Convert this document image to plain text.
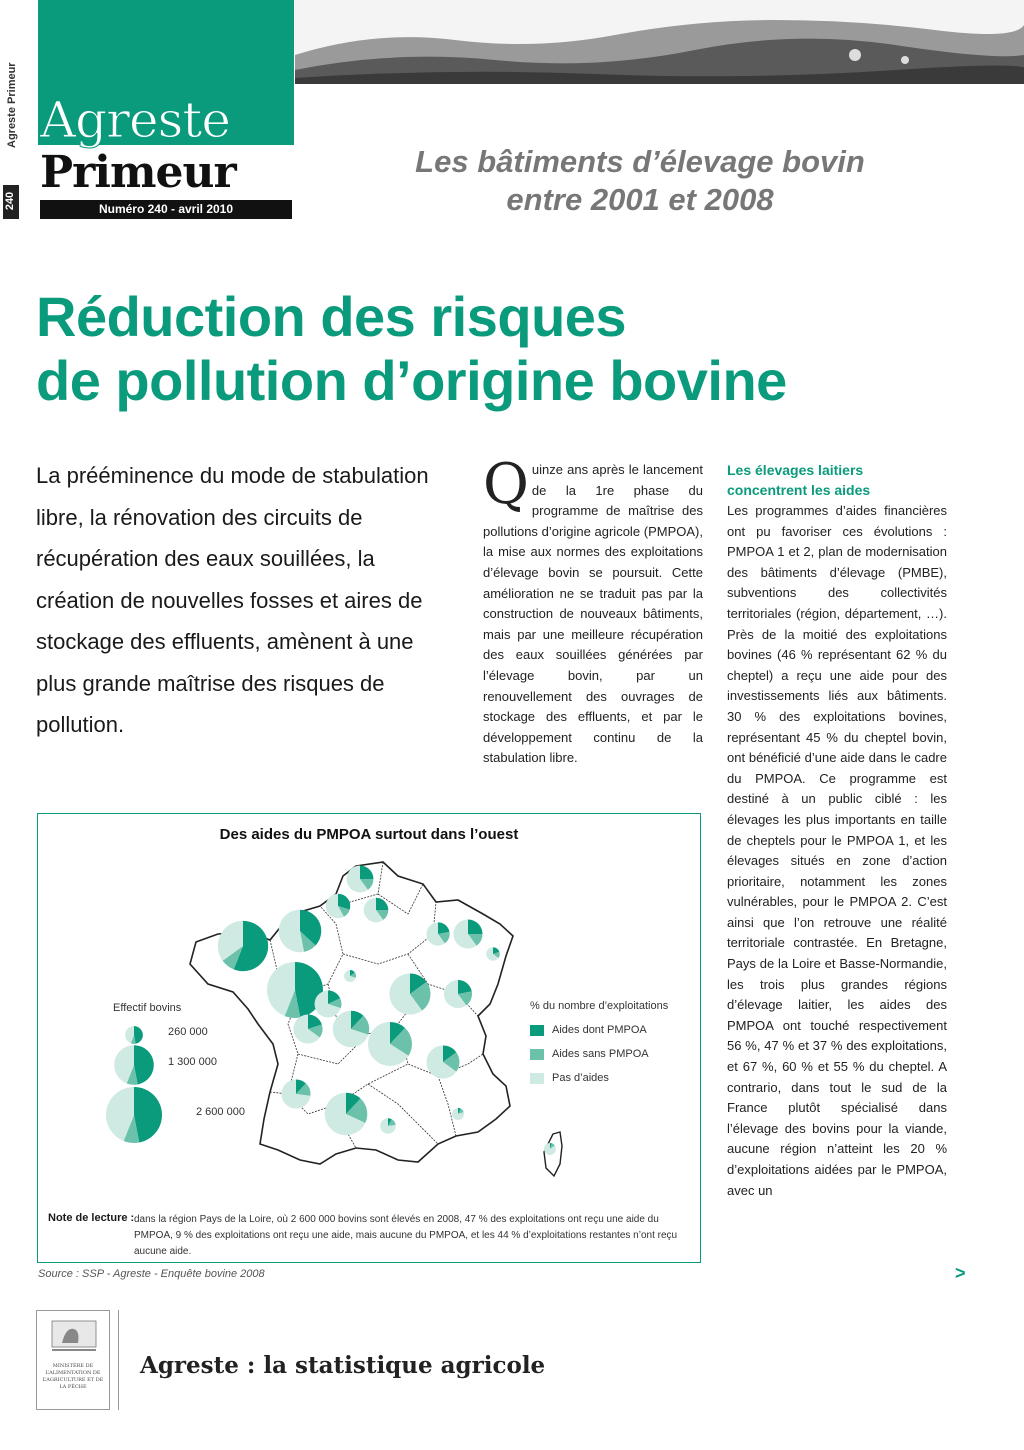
Agreste Primeur
240
Agreste
Primeur
Numéro 240 - avril 2010
Les bâtiments d’élevage bovin
entre 2001 et 2008
Réduction des risques
de pollution d’origine bovine
La prééminence du mode de stabulation libre, la rénovation des circuits de récupération des eaux souillées, la création de nouvelles fosses et aires de stockage des effluents, amènent à une plus grande maîtrise des risques de pollution.
Quinze ans après le lancement de la 1re phase du programme de maîtrise des pollutions d’origine agricole (PMPOA), la mise aux normes des exploitations d’élevage bovin se poursuit. Cette amélioration ne se traduit pas par la construction de nouveaux bâtiments, mais par une meilleure récupération des eaux souillées générées par l’élevage bovin, par un renouvellement des ouvrages de stockage des effluents, et par le développement continu de la stabulation libre.
Les élevages laitiers concentrent les aides
Les programmes d’aides financières ont pu favoriser ces évolutions : PMPOA 1 et 2, plan de modernisation des bâtiments d’élevage (PMBE), subventions des collectivités territoriales (région, département, …). Près de la moitié des exploitations bovines (46 % représentant 62 % du cheptel) a reçu une aide pour des investissements liés aux bâtiments. 30 % des exploitations bovines, représentant 45 % du cheptel bovin, ont bénéficié d’une aide dans le cadre du PMPOA. Ce programme est destiné à un public ciblé : les élevages les plus importants en taille de cheptels pour le PMPOA 1, et les élevages situés en zone d’action prioritaire, notamment les zones vulnérables, pour le PMPOA 2. C’est ainsi que l’on retrouve une réalité territoriale contrastée. En Bretagne, Pays de la Loire et Basse-Normandie, les trois plus grandes régions d’élevage laitier, les aides des PMPOA ont touché respectivement 56 %, 47 % et 37 % des exploitations, et 67 %, 60 % et 55 % du cheptel. A contrario, dans tout le sud de la France plutôt spécialisé dans l’élevage des bovins pour la viande, aucune région n’atteint les 20 % d’exploitations aidées par le PMPOA, avec un
>
Des aides du PMPOA surtout dans l’ouest
Effectif bovins
260 000
1 300 000
2 600 000
% du nombre d’exploitations
Aides dont PMPOA
Aides sans PMPOA
Pas d’aides
Note de lecture : dans la région Pays de la Loire, où 2 600 000 bovins sont élevés en 2008, 47 % des exploitations ont reçu une aide du PMPOA, 9 % des exploitations ont reçu une aide, mais aucune du PMPOA, et les 44 % d’exploitations restantes n’ont reçu aucune aide.
Source : SSP - Agreste - Enquête bovine 2008
MINISTÈRE DE L’ALIMENTATION DE L’AGRICULTURE ET DE LA PÊCHE
Agreste : la statistique agricole
